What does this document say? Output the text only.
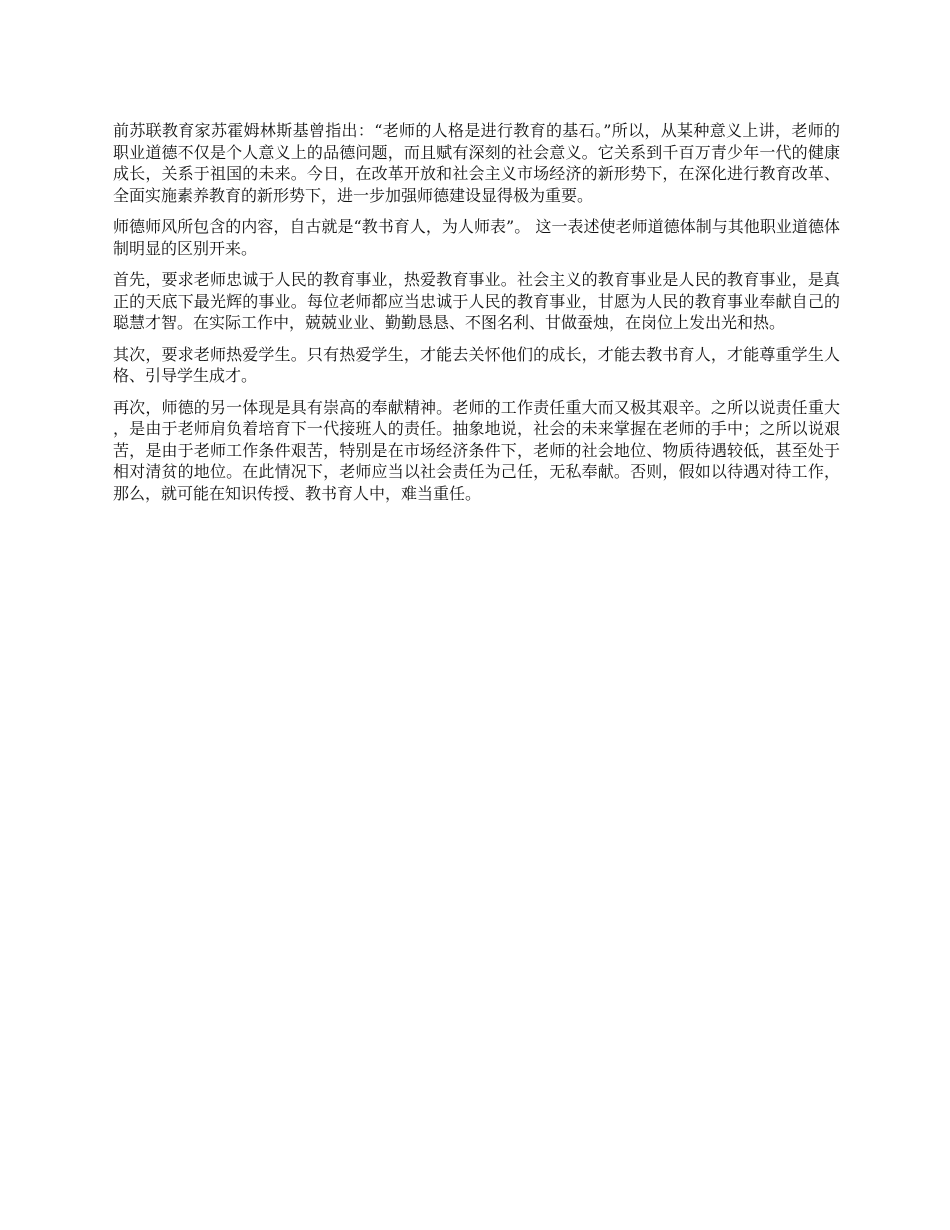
前苏联教育家苏霍姆林斯基曾指出：“老师的人格是进行教育的基石。”所以，从某种意义上讲，老师的职业道德不仅是个人意义上的品德问题，而且赋有深刻的社会意义。它关系到千百万青少年一代的健康成长，关系于祖国的未来。今日，在改革开放和社会主义市场经济的新形势下，在深化进行教育改革、全面实施素养教育的新形势下，进一步加强师德建设显得极为重要。

师德师风所包含的内容，自古就是“教书育人，为人师表”。 这一表述使老师道德体制与其他职业道德体制明显的区别开来。

首先，要求老师忠诚于人民的教育事业，热爱教育事业。社会主义的教育事业是人民的教育事业，是真正的天底下最光辉的事业。每位老师都应当忠诚于人民的教育事业，甘愿为人民的教育事业奉献自己的聪慧才智。在实际工作中，兢兢业业、勤勤恳恳、不图名利、甘做蚕烛，在岗位上发出光和热。

其次，要求老师热爱学生。只有热爱学生，才能去关怀他们的成长，才能去教书育人，才能尊重学生人格、引导学生成才。

再次，师德的另一体现是具有崇高的奉献精神。老师的工作责任重大而又极其艰辛。之所以说责任重大，是由于老师肩负着培育下一代接班人的责任。抽象地说，社会的未来掌握在老师的手中；之所以说艰苦，是由于老师工作条件艰苦，特别是在市场经济条件下，老师的社会地位、物质待遇较低，甚至处于相对清贫的地位。在此情况下，老师应当以社会责任为己任，无私奉献。否则，假如以待遇对待工作，那么，就可能在知识传授、教书育人中，难当重任。
